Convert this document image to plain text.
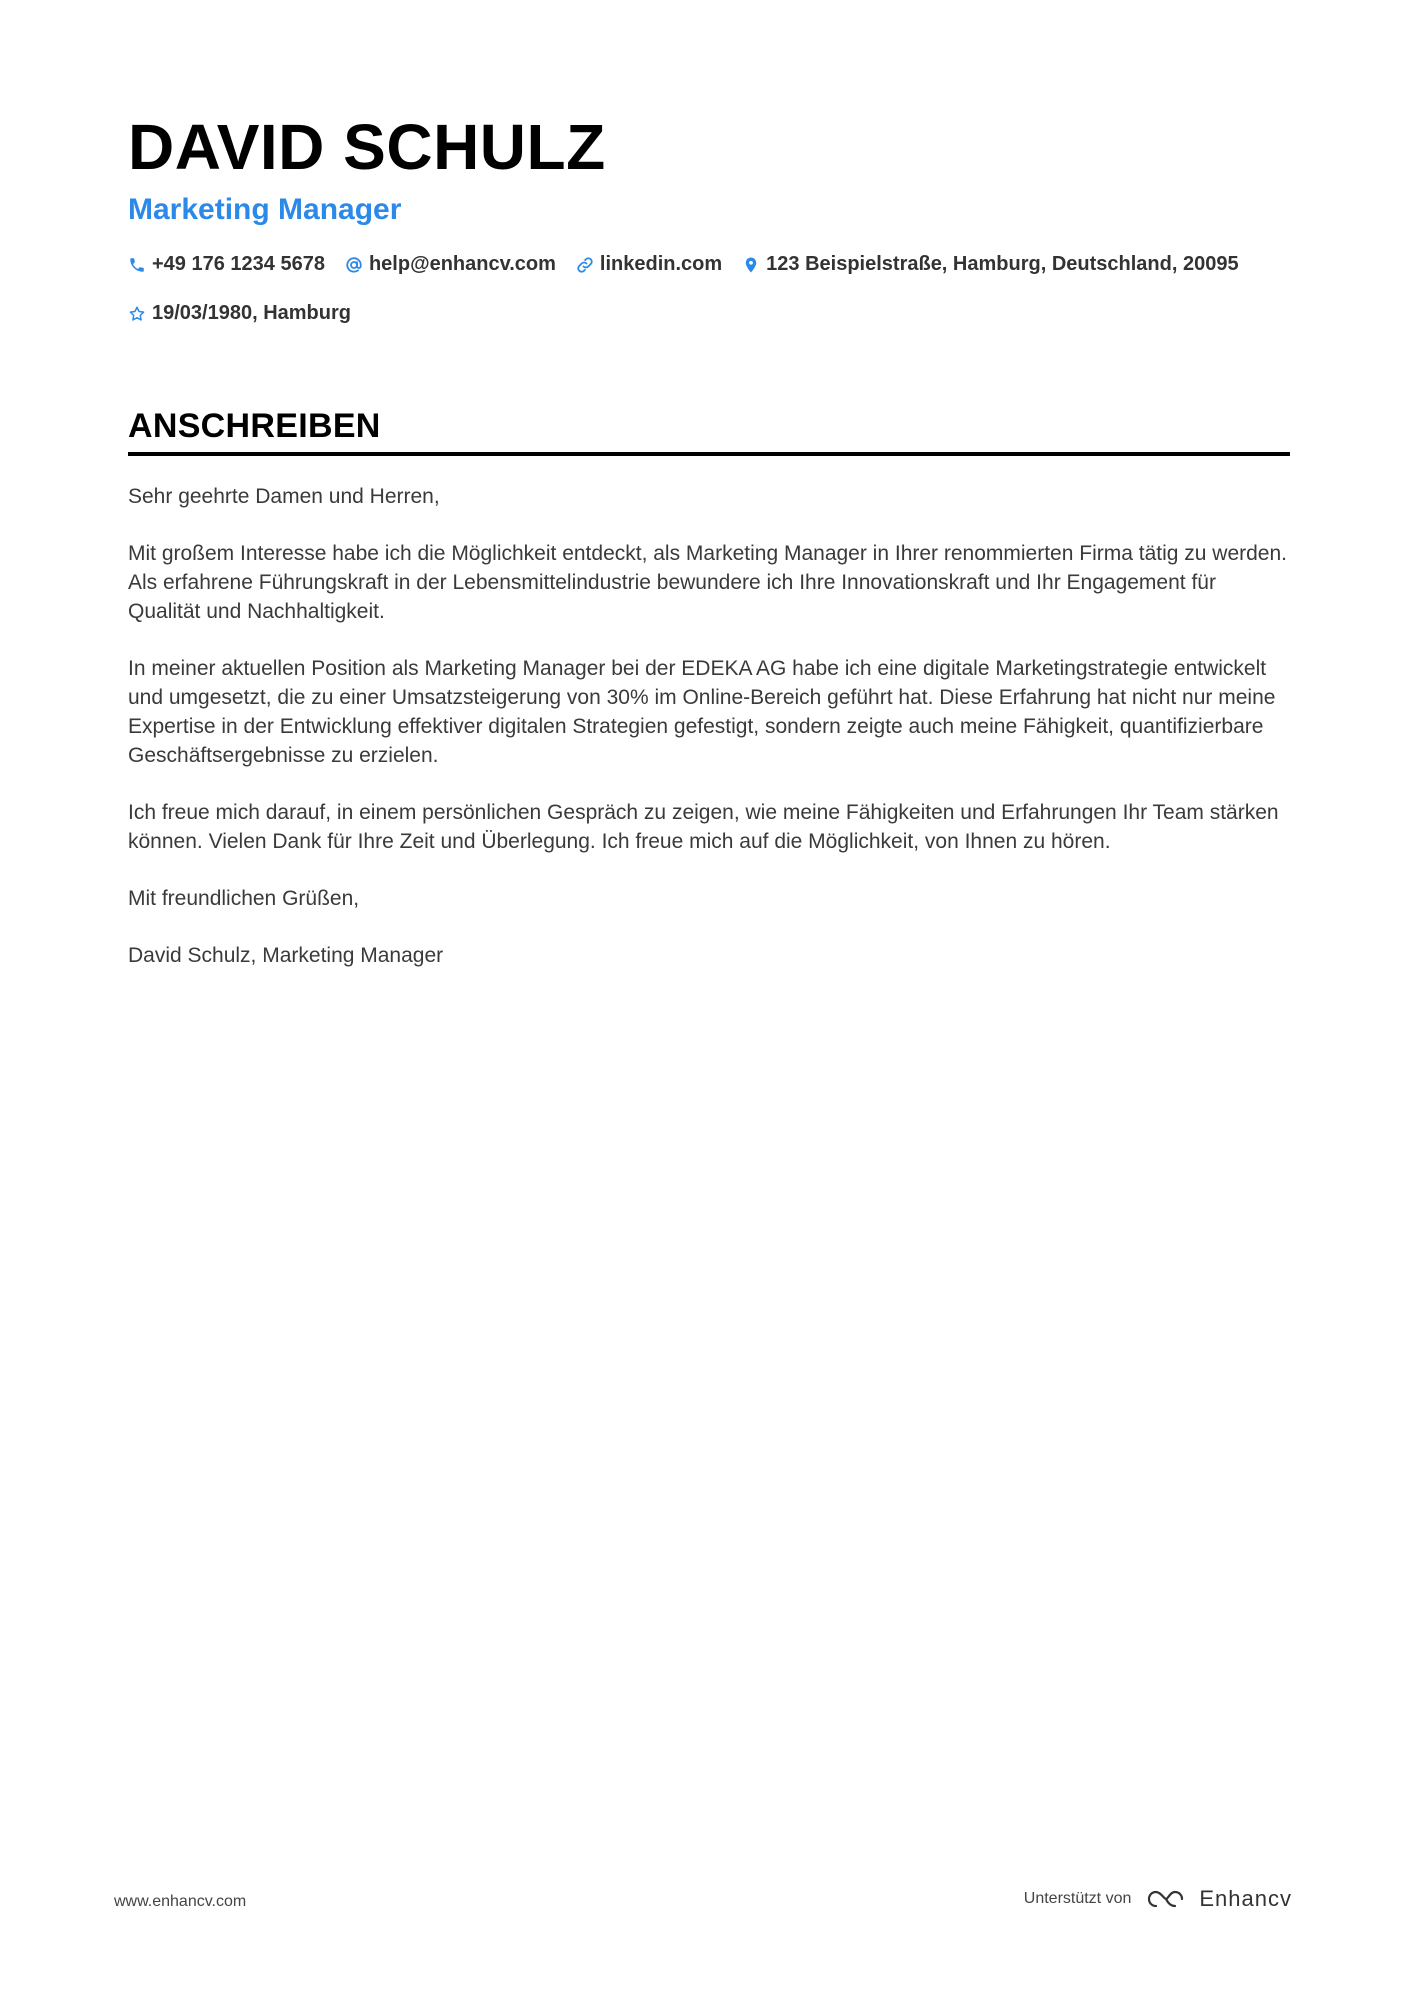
DAVID SCHULZ
Marketing Manager
+49 176 1234 5678 help@enhancv.com linkedin.com 123 Beispielstraße, Hamburg, Deutschland, 20095
19/03/1980, Hamburg
ANSCHREIBEN

Sehr geehrte Damen und Herren,

Mit großem Interesse habe ich die Möglichkeit entdeckt, als Marketing Manager in Ihrer renommierten Firma tätig zu werden. Als erfahrene Führungskraft in der Lebensmittelindustrie bewundere ich Ihre Innovationskraft und Ihr Engagement für Qualität und Nachhaltigkeit.

In meiner aktuellen Position als Marketing Manager bei der EDEKA AG habe ich eine digitale Marketingstrategie entwickelt und umgesetzt, die zu einer Umsatzsteigerung von 30% im Online-Bereich geführt hat. Diese Erfahrung hat nicht nur meine Expertise in der Entwicklung effektiver digitalen Strategien gefestigt, sondern zeigte auch meine Fähigkeit, quantifizierbare Geschäftsergebnisse zu erzielen.

Ich freue mich darauf, in einem persönlichen Gespräch zu zeigen, wie meine Fähigkeiten und Erfahrungen Ihr Team stärken können. Vielen Dank für Ihre Zeit und Überlegung. Ich freue mich auf die Möglichkeit, von Ihnen zu hören.

Mit freundlichen Grüßen,

David Schulz, Marketing Manager

www.enhancv.com	Unterstützt von	Enhancv
